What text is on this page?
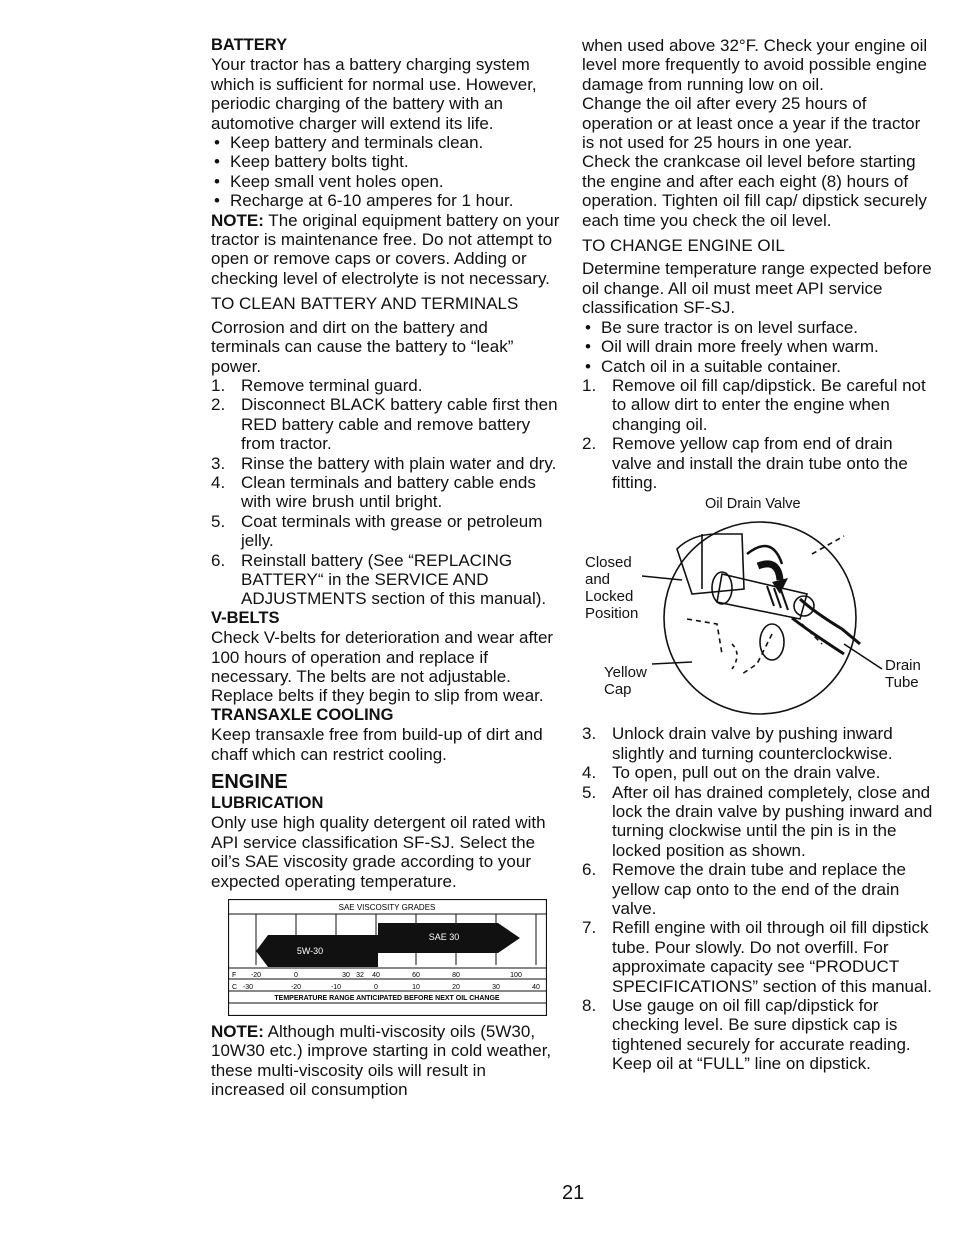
BATTERY

Your tractor has a battery charging system which is sufficient for normal use. However, periodic charging of the battery with an automotive charger will extend its life.

• Keep battery and terminals clean.
• Keep battery bolts tight.
• Keep small vent holes open.
• Recharge at 6-10 amperes for 1 hour.

NOTE: The original equipment battery on your tractor is maintenance free. Do not attempt to open or remove caps or covers. Adding or checking level of electrolyte is not necessary.

TO CLEAN BATTERY AND TERMINALS

Corrosion and dirt on the battery and terminals can cause the battery to “leak” power.

1. Remove terminal guard.
2. Disconnect BLACK battery cable first then RED battery cable and remove battery from tractor.
3. Rinse the battery with plain water and dry.
4. Clean terminals and battery cable ends with wire brush until bright.
5. Coat terminals with grease or petroleum jelly.
6. Reinstall battery (See “REPLACING BATTERY“ in the SERVICE AND ADJUSTMENTS section of this manual).

V-BELTS

Check V-belts for deterioration and wear after 100 hours of operation and replace if necessary. The belts are not adjustable. Replace belts if they begin to slip from wear.

TRANSAXLE COOLING

Keep transaxle free from build-up of dirt and chaff which can restrict cooling.

ENGINE

LUBRICATION

Only use high quality detergent oil rated with API service classification SF-SJ. Select the oil’s SAE viscosity grade according to your expected operating temperature.

SAE VISCOSITY GRADES
SAE 30
5W-30
F
C
-20	0	30 32 40	60	80	100
-30	-20	-10	0	10	20	30	40
TEMPERATURE RANGE ANTICIPATED BEFORE NEXT OIL CHANGE

NOTE: Although multi-viscosity oils (5W30, 10W30 etc.) improve starting in cold weather, these multi-viscosity oils will result in increased oil consumption

when used above 32°F. Check your engine oil level more frequently to avoid possible engine damage from running low on oil.

Change the oil after every 25 hours of operation or at least once a year if the tractor is not used for 25 hours in one year.

Check the crankcase oil level before starting the engine and after each eight (8) hours of operation. Tighten oil fill cap/ dipstick securely each time you check the oil level.

TO CHANGE ENGINE OIL

Determine temperature range expected before oil change. All oil must meet API service classification SF-SJ.

• Be sure tractor is on level surface.
• Oil will drain more freely when warm.
• Catch oil in a suitable container.
1. Remove oil fill cap/dipstick. Be careful not to allow dirt to enter the engine when changing oil.
2. Remove yellow cap from end of drain valve and install the drain tube onto the fitting.
Oil Drain Valve
Closed
and
Locked
Position
Yellow
Cap
Drain
Tube
3. Unlock drain valve by pushing inward slightly and turning counterclockwise.
4. To open, pull out on the drain valve.
5. After oil has drained completely, close and lock the drain valve by pushing inward and turning clockwise until the pin is in the locked position as shown.
6. Remove the drain tube and replace the yellow cap onto to the end of the drain valve.
7. Refill engine with oil through oil fill dipstick tube. Pour slowly. Do not overfill. For approximate capacity see “PRODUCT SPECIFICATIONS” section of this manual.
8. Use gauge on oil fill cap/dipstick for checking level. Be sure dipstick cap is tightened securely for accurate reading. Keep oil at “FULL” line on dipstick.
21
